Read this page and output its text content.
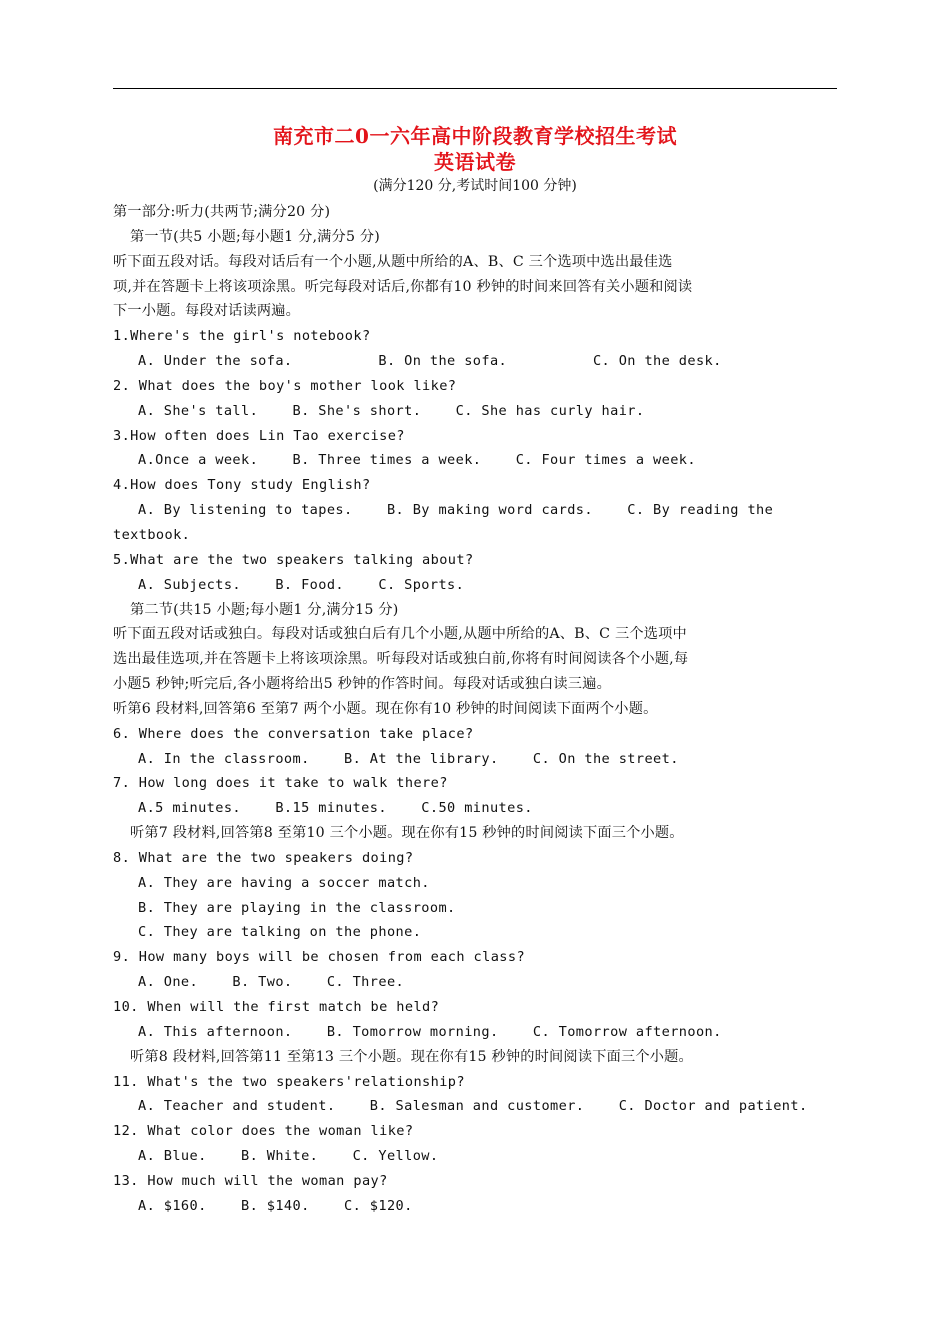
南充市二0一六年高中阶段教育学校招生考试
英语试卷
(满分120 分,考试时间100 分钟)
第一部分:听力(共两节;满分20 分)
第一节(共5 小题;每小题1 分,满分5 分)
听下面五段对话。每段对话后有一个小题,从题中所给的A、B、C 三个选项中选出最佳选
项,并在答题卡上将该项涂黑。听完每段对话后,你都有10 秒钟的时间来回答有关小题和阅读
下一小题。每段对话读两遍。
1.Where's the girl's notebook?
A. Under the sofa.          B. On the sofa.          C. On the desk.
2. What does the boy's mother look like?
A. She's tall.    B. She's short.    C. She has curly hair.
3.How often does Lin Tao exercise?
A.Once a week.    B. Three times a week.    C. Four times a week.
4.How does Tony study English?
A. By listening to tapes.    B. By making word cards.    C. By reading the
textbook.
5.What are the two speakers talking about?
A. Subjects.    B. Food.    C. Sports.
第二节(共15 小题;每小题1 分,满分15 分)
听下面五段对话或独白。每段对话或独白后有几个小题,从题中所给的A、B、C 三个选项中
选出最佳选项,并在答题卡上将该项涂黑。听每段对话或独白前,你将有时间阅读各个小题,每
小题5 秒钟;听完后,各小题将给出5 秒钟的作答时间。每段对话或独白读三遍。
听第6 段材料,回答第6 至第7 两个小题。现在你有10 秒钟的时间阅读下面两个小题。
6. Where does the conversation take place?
A. In the classroom.    B. At the library.    C. On the street.
7. How long does it take to walk there?
A.5 minutes.    B.15 minutes.    C.50 minutes.
听第7 段材料,回答第8 至第10 三个小题。现在你有15 秒钟的时间阅读下面三个小题。
8. What are the two speakers doing?
A. They are having a soccer match.
B. They are playing in the classroom.
C. They are talking on the phone.
9. How many boys will be chosen from each class?
A. One.    B. Two.    C. Three.
10. When will the first match be held?
A. This afternoon.    B. Tomorrow morning.    C. Tomorrow afternoon.
听第8 段材料,回答第11 至第13 三个小题。现在你有15 秒钟的时间阅读下面三个小题。
11. What's the two speakers'relationship?
A. Teacher and student.    B. Salesman and customer.    C. Doctor and patient.
12. What color does the woman like?
A. Blue.    B. White.    C. Yellow.
13. How much will the woman pay?
A. $160.    B. $140.    C. $120.
